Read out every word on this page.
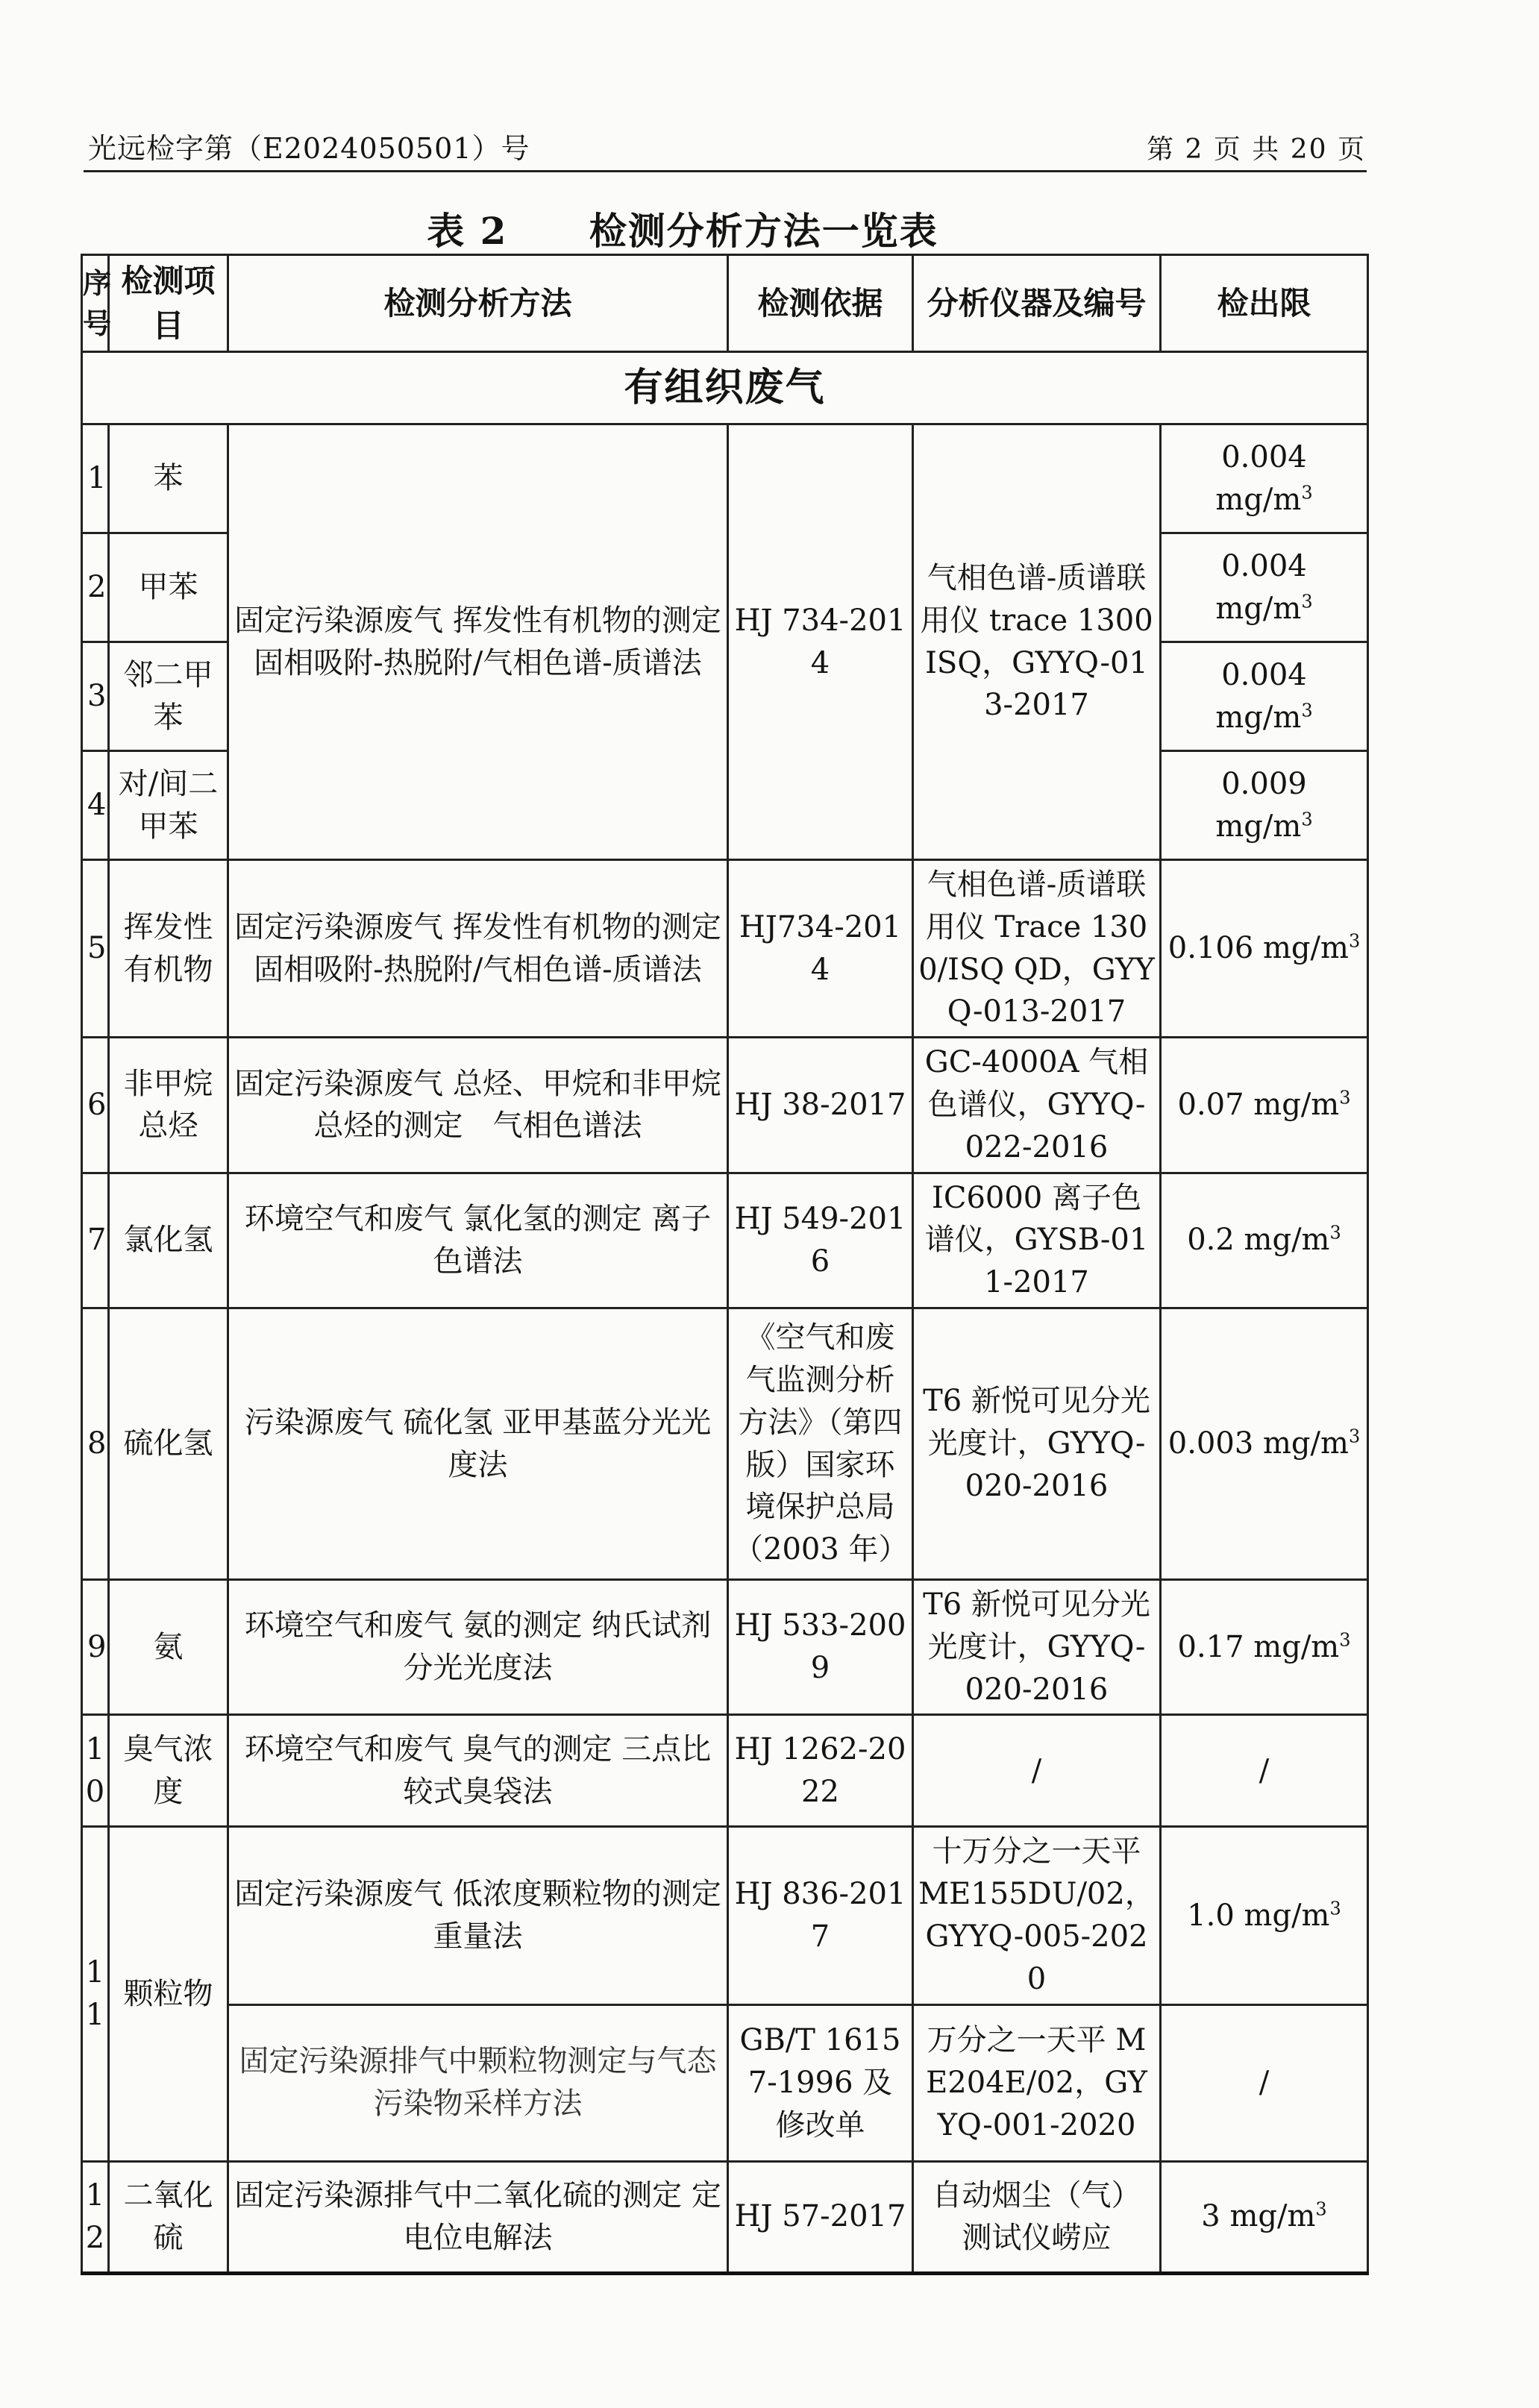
光远检字第（E2024050501）号	第 2 页 共 20 页
表 2 检测分析方法一览表
序号	检测项目	检测分析方法	检测依据	分析仪器及编号	检出限
有组织废气					
1	苯	固定污染源废气 挥发性有机物的测定 固相吸附-热脱附/气相色谱-质谱法	HJ 734-2014	气相色谱-质谱联用仪 trace 1300 ISQ，GYYQ-013-2017	0.004
$mg/m^3$
2	甲苯				0.004
$mg/m^3$
3	邻二甲苯				0.004
$mg/m^3$
4	对/间二甲苯				0.009
$mg/m^3$
5	挥发性有机物	固定污染源废气 挥发性有机物的测定 固相吸附-热脱附/气相色谱-质谱法	HJ734-2014	气相色谱-质谱联用仪 Trace 1300/ISQ QD，GYYQ-013-2017	0.106 $mg/m^3$
6	非甲烷总烃	固定污染源废气 总烃、甲烷和非甲烷总烃的测定　气相色谱法	HJ 38-2017	GC-4000A 气相色谱仪，GYYQ-022-2016	0.07 $mg/m^3$
7	氯化氢	环境空气和废气 氯化氢的测定 离子色谱法	HJ 549-2016	IC6000 离子色谱仪，GYSB-011-2017	0.2 $mg/m^3$
8	硫化氢	污染源废气 硫化氢 亚甲基蓝分光光度法	《空气和废气监测分析方法》（第四版）国家环境保护总局（2003 年）	T6 新悦可见分光光度计，GYYQ-020-2016	0.003 $mg/m^3$
9	氨	环境空气和废气 氨的测定 纳氏试剂分光光度法	HJ 533-2009	T6 新悦可见分光光度计，GYYQ-020-2016	0.17 $mg/m^3$
10	臭气浓度	环境空气和废气 臭气的测定 三点比较式臭袋法	HJ 1262-2022	/	/
11	颗粒物	固定污染源废气 低浓度颗粒物的测定 重量法	HJ 836-2017	十万分之一天平 ME155DU/02，GYYQ-005-2020	1.0 $mg/m^3$
		固定污染源排气中颗粒物测定与气态污染物采样方法	GB/T 16157-1996 及修改单	万分之一天平 ME204E/02，GYYQ-001-2020	/
12	二氧化硫	固定污染源排气中二氧化硫的测定 定电位电解法	HJ 57-2017	自动烟尘（气）测试仪崂应	3 $mg/m^3$
